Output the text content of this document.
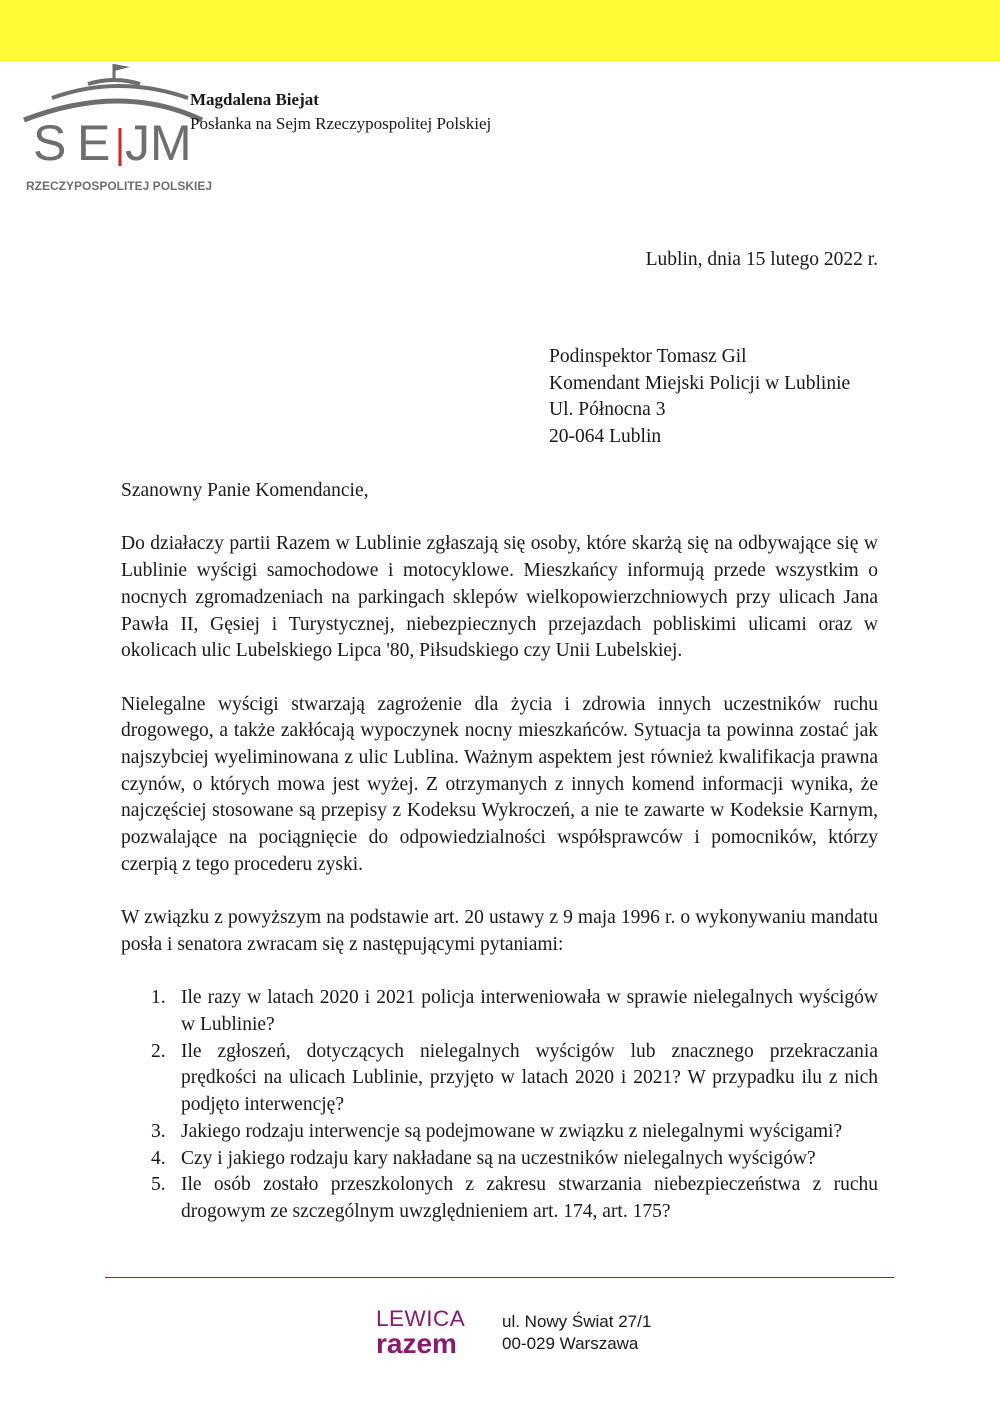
S E J M
RZECZYPOSPOLITEJ POLSKIEJ
Magdalena Biejat
Posłanka na Sejm Rzeczypospolitej Polskiej
Lublin, dnia 15 lutego 2022 r.
Podinspektor Tomasz Gil
Komendant Miejski Policji w Lublinie
Ul. Północna 3
20-064 Lublin

Szanowny Panie Komendancie,

Do działaczy partii Razem w Lublinie zgłaszają się osoby, które skarżą się na odbywające się w Lublinie wyścigi samochodowe i motocyklowe. Mieszkańcy informują przede wszystkim o nocnych zgromadzeniach na parkingach sklepów wielkopowierzchniowych przy ulicach Jana Pawła II, Gęsiej i Turystycznej, niebezpiecznych przejazdach pobliskimi ulicami oraz w okolicach ulic Lubelskiego Lipca '80, Piłsudskiego czy Unii Lubelskiej.

Nielegalne wyścigi stwarzają zagrożenie dla życia i zdrowia innych uczestników ruchu drogowego, a także zakłócają wypoczynek nocny mieszkańców. Sytuacja ta powinna zostać jak najszybciej wyeliminowana z ulic Lublina. Ważnym aspektem jest również kwalifikacja prawna czynów, o których mowa jest wyżej. Z otrzymanych z innych komend informacji wynika, że najczęściej stosowane są przepisy z Kodeksu Wykroczeń, a nie te zawarte w Kodeksie Karnym, pozwalające na pociągnięcie do odpowiedzialności współsprawców i pomocników, którzy czerpią z tego procederu zyski.

W związku z powyższym na podstawie art. 20 ustawy z 9 maja 1996 r. o wykonywaniu mandatu posła i senatora zwracam się z następującymi pytaniami:

1. Ile razy w latach 2020 i 2021 policja interweniowała w sprawie nielegalnych wyścigów w Lublinie?
2. Ile zgłoszeń, dotyczących nielegalnych wyścigów lub znacznego przekraczania prędkości na ulicach Lublinie, przyjęto w latach 2020 i 2021? W przypadku ilu z nich podjęto interwencję?
3. Jakiego rodzaju interwencje są podejmowane w związku z nielegalnymi wyścigami?
4. Czy i jakiego rodzaju kary nakładane są na uczestników nielegalnych wyścigów?
5. Ile osób zostało przeszkolonych z zakresu stwarzania niebezpieczeństwa z ruchu drogowym ze szczególnym uwzględnieniem art. 174, art. 175?
LEWICA
razem
ul. Nowy Świat 27/1
00-029 Warszawa
